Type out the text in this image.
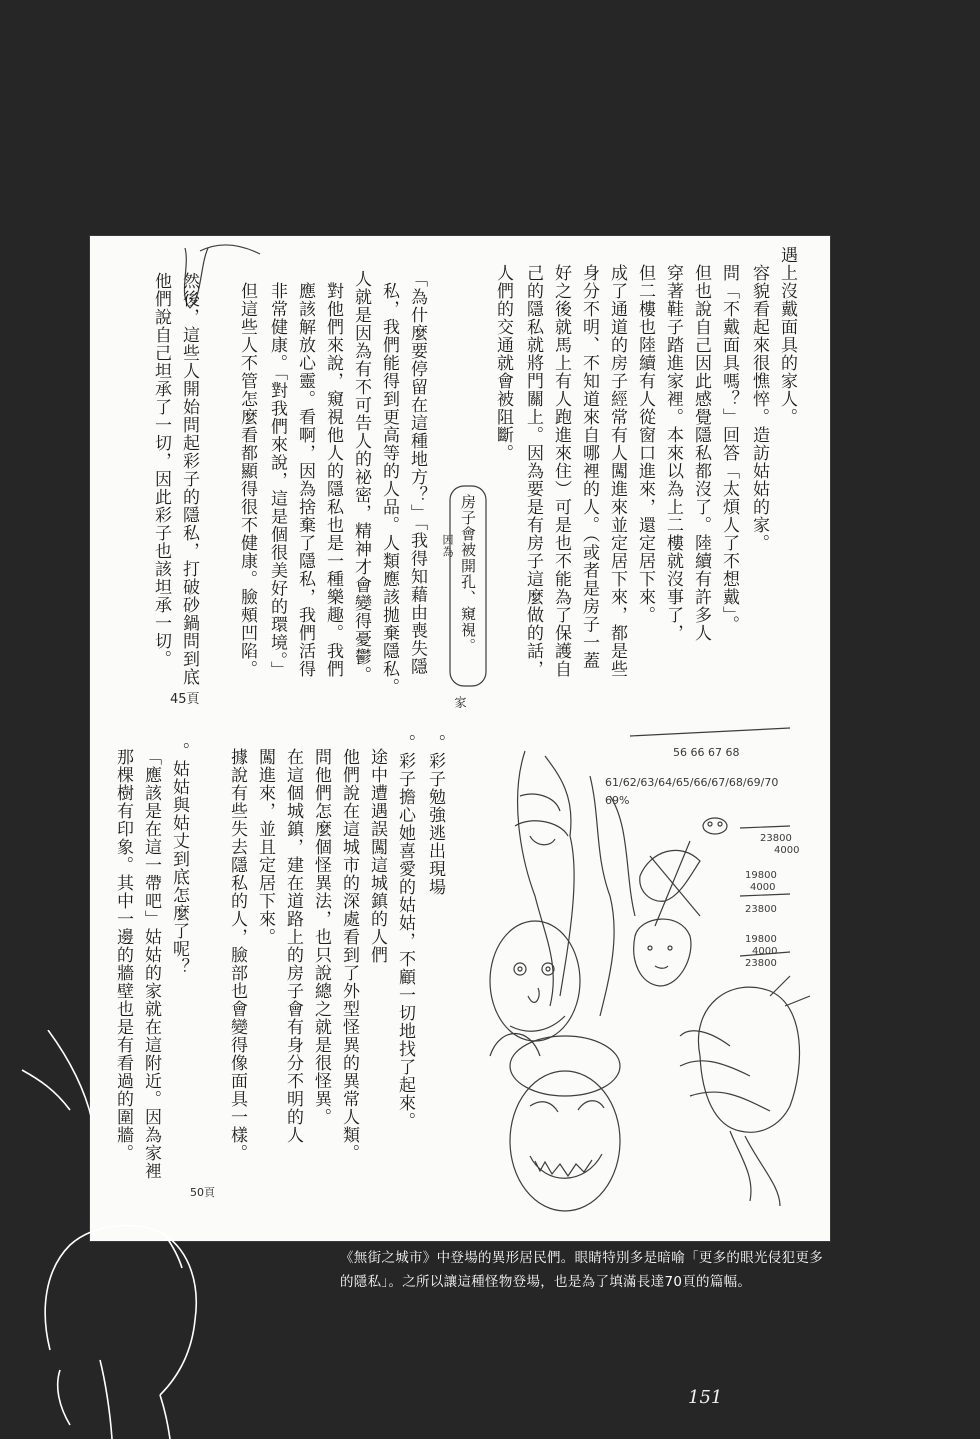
56 66 67 68
61/62/63/64/65/66/67/68/69/70
69%
23800
4000
19800
4000
23800
19800
4000
23800
遇上沒戴面具的家人。
容貌看起來很憔悴。造訪姑姑的家。
問「不戴面具嗎？」回答「太煩人了不想戴」。
但也說自己因此感覺隱私都沒了。陸續有許多人
穿著鞋子踏進家裡。本來以為上二樓就沒事了，
但二樓也陸續有人從窗口進來，還定居下來。
成了通道的房子經常有人闖進來並定居下來，都是些
身分不明、不知道來自哪裡的人。（或者是房子一蓋
好之後就馬上有人跑進來住）可是也不能為了保護自
己的隱私就將門關上。因為要是有房子這麼做的話，
人們的交通就會被阻斷。
「為什麼要停留在這種地方？」「我得知藉由喪失隱
私，我們能得到更高等的人品。人類應該拋棄隱私。
人就是因為有不可告人的祕密，精神才會變得憂鬱。
對他們來說，窺視他人的隱私也是一種樂趣。我們
應該解放心靈。看啊，因為捨棄了隱私，我們活得
非常健康。「對我們來說，這是個很美好的環境。」
但這些人不管怎麼看都顯得很不健康。臉頰凹陷。
然後，這些人開始問起彩子的隱私，打破砂鍋問到底
他們說自己坦承了一切，因此彩子也該坦承一切。	房子會被開孔、窺視。
因為
家
45頁
。彩子勉強逃出現場
。彩子擔心她喜愛的姑姑，不顧一切地找了起來。
途中遭遇誤闖這城鎮的人們
他們說在這城市的深處看到了外型怪異的異常人類。
問他們怎麼個怪異法，也只說總之就是很怪異。
在這個城鎮，建在道路上的房子會有身分不明的人
闖進來，並且定居下來。
據說有些失去隱私的人，臉部也會變得像面具一樣。
。姑姑與姑丈到底怎麼了呢？
「應該是在這一帶吧」姑姑的家就在這附近。因為家裡
那棵樹有印象。其中一邊的牆壁也是有看過的圍牆。
50頁
《無街之城市》中登場的異形居民們。眼睛特別多是暗喻「更多的眼光侵犯更多的隱私」。之所以讓這種怪物登場，也是為了填滿長達70頁的篇幅。
151
